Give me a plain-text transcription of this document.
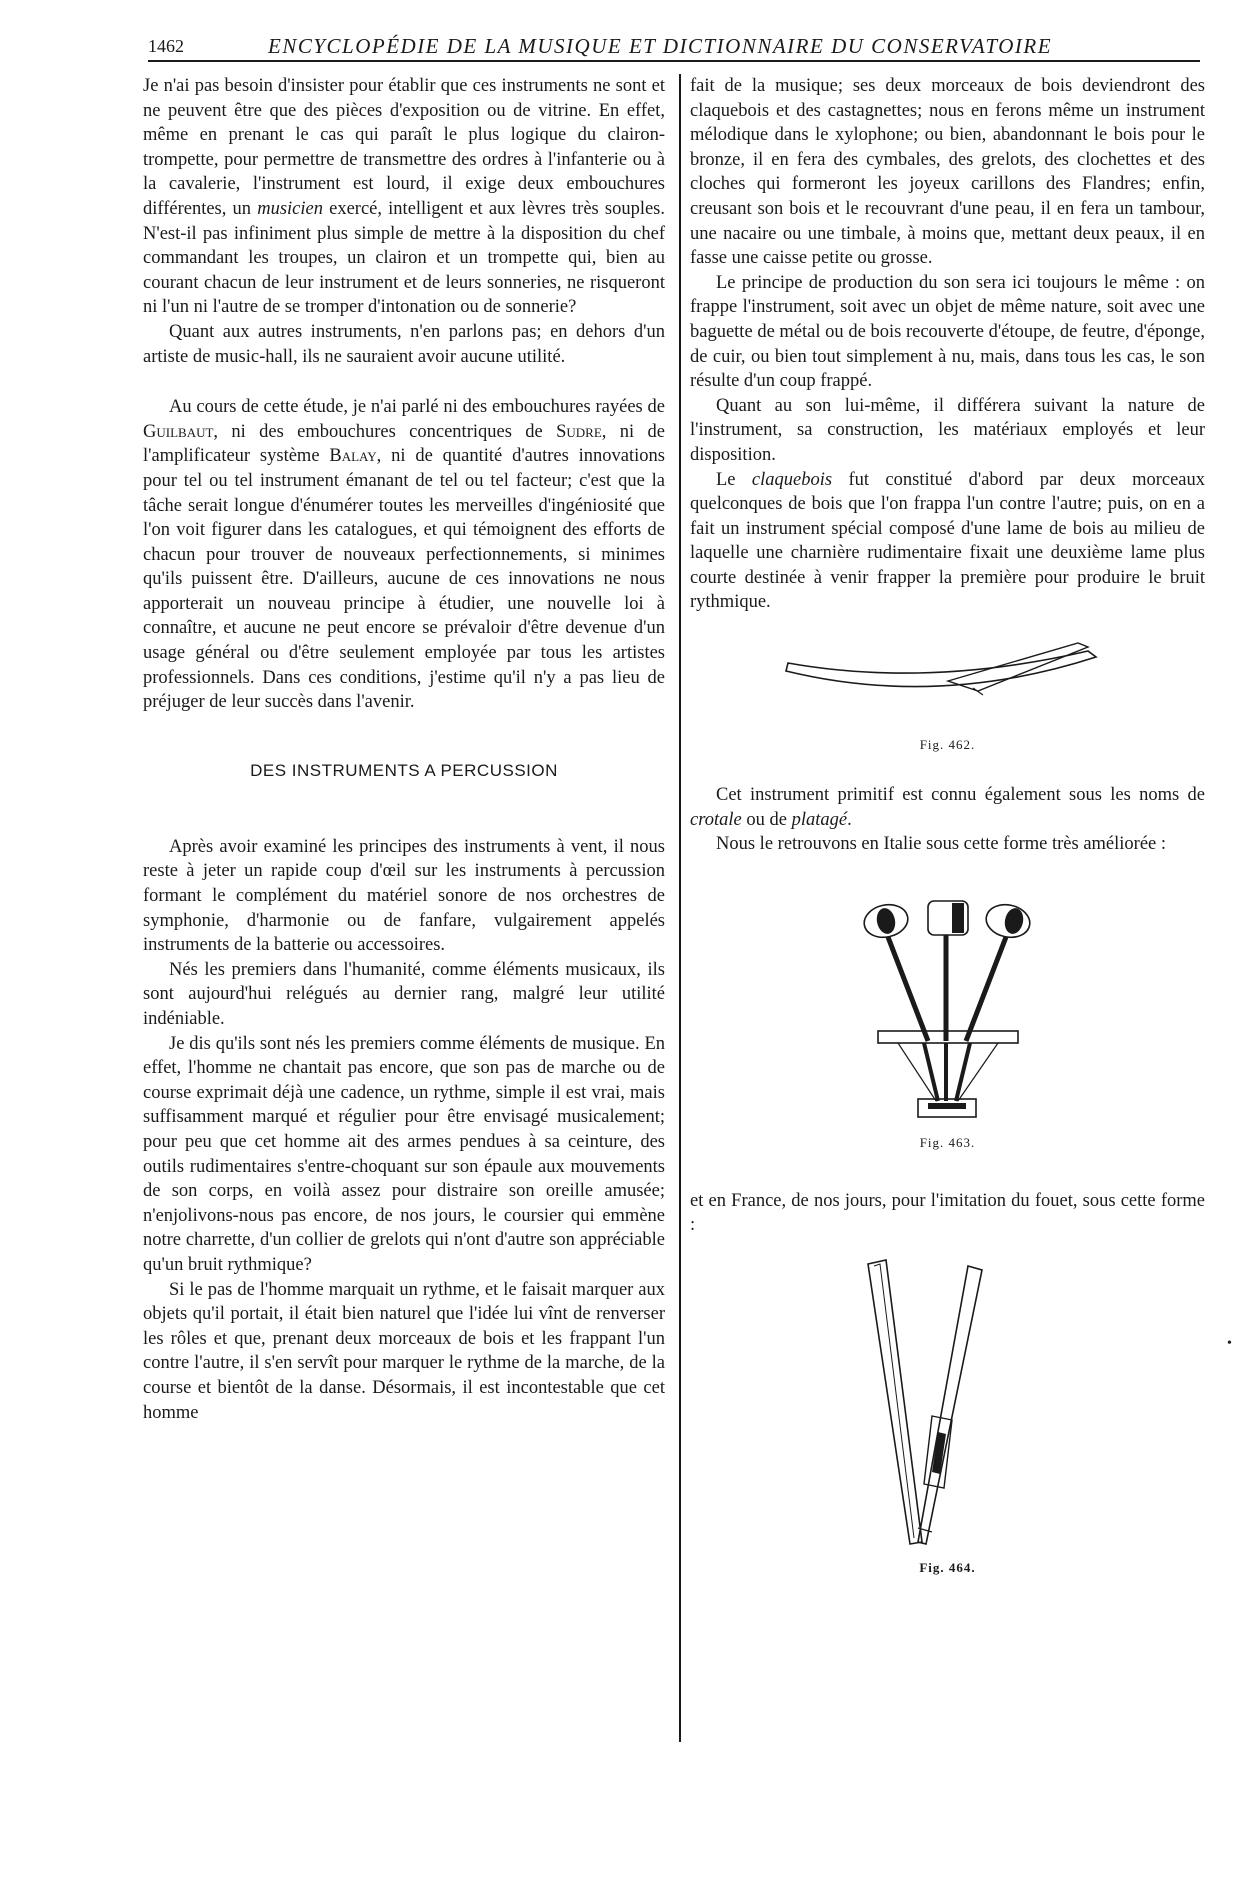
1462	ENCYCLOPÉDIE DE LA MUSIQUE ET DICTIONNAIRE DU CONSERVATOIRE

Je n'ai pas besoin d'insister pour établir que ces instruments ne sont et ne peuvent être que des pièces d'exposition ou de vitrine. En effet, même en prenant le cas qui paraît le plus logique du clairon-trompette, pour permettre de transmettre des ordres à l'infanterie ou à la cavalerie, l'instrument est lourd, il exige deux embouchures différentes, un musicien exercé, intelligent et aux lèvres très souples. N'est-il pas infiniment plus simple de mettre à la disposition du chef commandant les troupes, un clairon et un trompette qui, bien au courant chacun de leur instrument et de leurs sonneries, ne risqueront ni l'un ni l'autre de se tromper d'intonation ou de sonnerie?

Quant aux autres instruments, n'en parlons pas; en dehors d'un artiste de music-hall, ils ne sauraient avoir aucune utilité.

Au cours de cette étude, je n'ai parlé ni des embouchures rayées de Guilbaut, ni des embouchures concentriques de Sudre, ni de l'amplificateur système Balay, ni de quantité d'autres innovations pour tel ou tel instrument émanant de tel ou tel facteur; c'est que la tâche serait longue d'énumérer toutes les merveilles d'ingéniosité que l'on voit figurer dans les catalogues, et qui témoignent des efforts de chacun pour trouver de nouveaux perfectionnements, si minimes qu'ils puissent être. D'ailleurs, aucune de ces innovations ne nous apporterait un nouveau principe à étudier, une nouvelle loi à connaître, et aucune ne peut encore se prévaloir d'être devenue d'un usage général ou d'être seulement employée par tous les artistes professionnels. Dans ces conditions, j'estime qu'il n'y a pas lieu de préjuger de leur succès dans l'avenir.

DES INSTRUMENTS A PERCUSSION

Après avoir examiné les principes des instruments à vent, il nous reste à jeter un rapide coup d'œil sur les instruments à percussion formant le complément du matériel sonore de nos orchestres de symphonie, d'harmonie ou de fanfare, vulgairement appelés instruments de la batterie ou accessoires.

Nés les premiers dans l'humanité, comme éléments musicaux, ils sont aujourd'hui relégués au dernier rang, malgré leur utilité indéniable.

Je dis qu'ils sont nés les premiers comme éléments de musique. En effet, l'homme ne chantait pas encore, que son pas de marche ou de course exprimait déjà une cadence, un rythme, simple il est vrai, mais suffisamment marqué et régulier pour être envisagé musicalement; pour peu que cet homme ait des armes pendues à sa ceinture, des outils rudimentaires s'entre-choquant sur son épaule aux mouvements de son corps, en voilà assez pour distraire son oreille amusée; n'enjolivons-nous pas encore, de nos jours, le coursier qui emmène notre charrette, d'un collier de grelots qui n'ont d'autre son appréciable qu'un bruit rythmique?

Si le pas de l'homme marquait un rythme, et le faisait marquer aux objets qu'il portait, il était bien naturel que l'idée lui vînt de renverser les rôles et que, prenant deux morceaux de bois et les frappant l'un contre l'autre, il s'en servît pour marquer le rythme de la marche, de la course et bientôt de la danse. Désormais, il est incontestable que cet homme

fait de la musique; ses deux morceaux de bois deviendront des claquebois et des castagnettes; nous en ferons même un instrument mélodique dans le xylophone; ou bien, abandonnant le bois pour le bronze, il en fera des cymbales, des grelots, des clochettes et des cloches qui formeront les joyeux carillons des Flandres; enfin, creusant son bois et le recouvrant d'une peau, il en fera un tambour, une nacaire ou une timbale, à moins que, mettant deux peaux, il en fasse une caisse petite ou grosse.

Le principe de production du son sera ici toujours le même : on frappe l'instrument, soit avec un objet de même nature, soit avec une baguette de métal ou de bois recouverte d'étoupe, de feutre, d'éponge, de cuir, ou bien tout simplement à nu, mais, dans tous les cas, le son résulte d'un coup frappé.

Quant au son lui-même, il différera suivant la nature de l'instrument, sa construction, les matériaux employés et leur disposition.

Le claquebois fut constitué d'abord par deux morceaux quelconques de bois que l'on frappa l'un contre l'autre; puis, on en a fait un instrument spécial composé d'une lame de bois au milieu de laquelle une charnière rudimentaire fixait une deuxième lame plus courte destinée à venir frapper la première pour produire le bruit rythmique.

Fig. 462.

Cet instrument primitif est connu également sous les noms de crotale ou de platagé.

Nous le retrouvons en Italie sous cette forme très améliorée :

Fig. 463.

et en France, de nos jours, pour l'imitation du fouet, sous cette forme :

Fig. 464.
•
